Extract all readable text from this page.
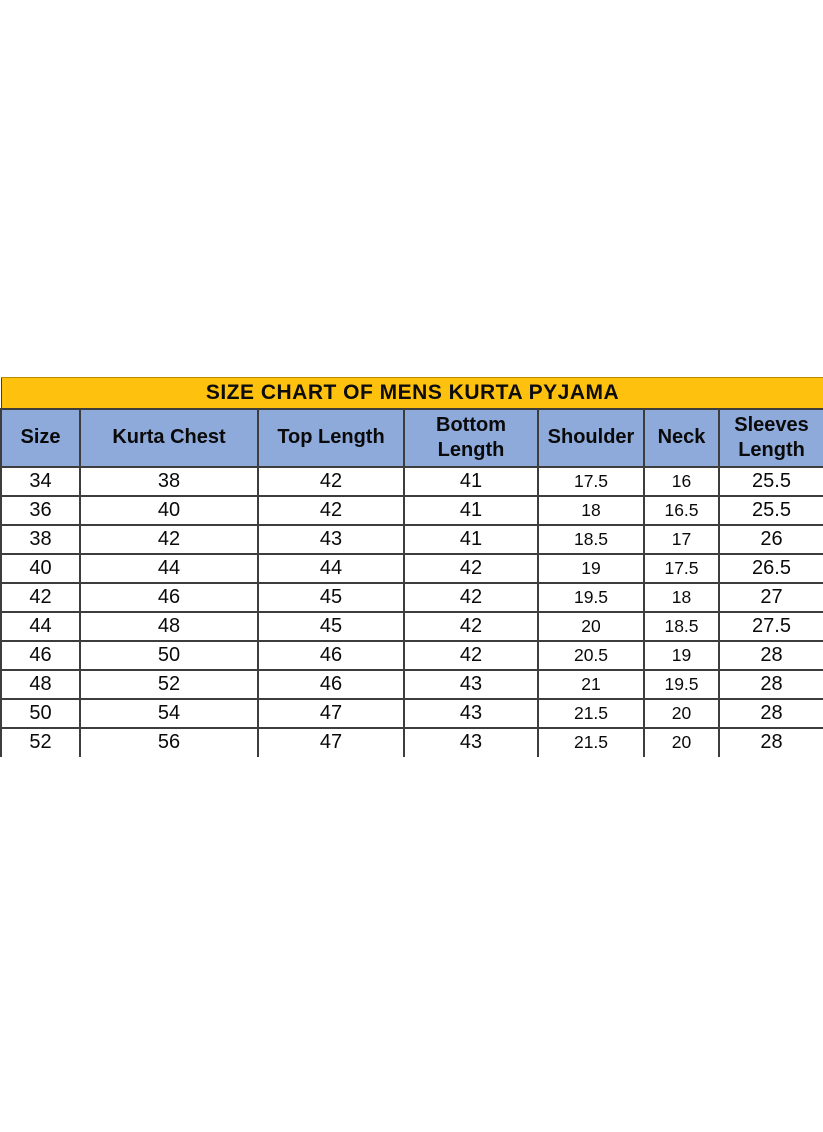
SIZE CHART OF MENS KURTA PYJAMA						
Size	Kurta Chest	Top Length	Bottom Length	Shoulder	Neck	Sleeves Length
34	38	42	41	17.5	16	25.5
36	40	42	41	18	16.5	25.5
38	42	43	41	18.5	17	26
40	44	44	42	19	17.5	26.5
42	46	45	42	19.5	18	27
44	48	45	42	20	18.5	27.5
46	50	46	42	20.5	19	28
48	52	46	43	21	19.5	28
50	54	47	43	21.5	20	28
52	56	47	43	21.5	20	28
